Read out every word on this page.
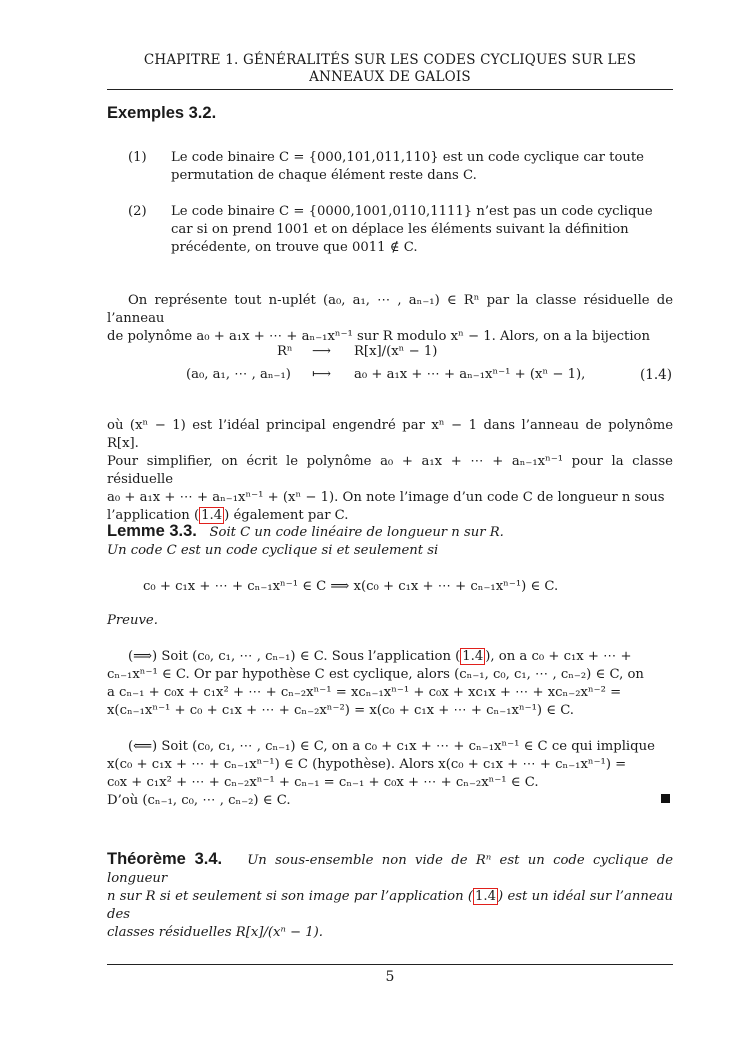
CHAPITRE 1. GÉNÉRALITÉS SUR LES CODES CYCLIQUES SUR LES
ANNEAUX DE GALOIS
Exemples 3.2.
(1) Le code binaire C = {000,101,011,110} est un code cyclique car toute
permutation de chaque élément reste dans C.
(2) Le code binaire C = {0000,1001,0110,1111} n’est pas un code cyclique
car si on prend 1001 et on déplace les éléments suivant la définition
précédente, on trouve que 0011 ∉ C.
On représente tout n-uplét (a₀, a₁, ⋯ , aₙ₋₁) ∈ Rⁿ par la classe résiduelle de l’anneau
de polynôme a₀ + a₁x + ⋯ + aₙ₋₁xⁿ⁻¹ sur R modulo xⁿ − 1. Alors, on a la bijection
Rⁿ ⟶ R[x]/(xⁿ − 1)
(a₀, a₁, ⋯ , aₙ₋₁) ⟼ a₀ + a₁x + ⋯ + aₙ₋₁xⁿ⁻¹ + (xⁿ − 1),	(1.4)
où (xⁿ − 1) est l’idéal principal engendré par xⁿ − 1 dans l’anneau de polynôme R[x].
Pour simplifier, on écrit le polynôme a₀ + a₁x + ⋯ + aₙ₋₁xⁿ⁻¹ pour la classe résiduelle
a₀ + a₁x + ⋯ + aₙ₋₁xⁿ⁻¹ + (xⁿ − 1). On note l’image d’un code C de longueur n sous
l’application ( 1.4 ) également par C.
Lemme 3.3. Soit C un code linéaire de longueur n sur R.
Un code C est un code cyclique si et seulement si
c₀ + c₁x + ⋯ + cₙ₋₁xⁿ⁻¹ ∈ C ⟹ x(c₀ + c₁x + ⋯ + cₙ₋₁xⁿ⁻¹) ∈ C.
Preuve.
(⟹) Soit (c₀, c₁, ⋯ , cₙ₋₁) ∈ C. Sous l’application ( 1.4 ), on a c₀ + c₁x + ⋯ +
cₙ₋₁xⁿ⁻¹ ∈ C. Or par hypothèse C est cyclique, alors (cₙ₋₁, c₀, c₁, ⋯ , cₙ₋₂) ∈ C, on
a cₙ₋₁ + c₀x + c₁x² + ⋯ + cₙ₋₂xⁿ⁻¹ = xcₙ₋₁xⁿ⁻¹ + c₀x + xc₁x + ⋯ + xcₙ₋₂xⁿ⁻² =
x(cₙ₋₁xⁿ⁻¹ + c₀ + c₁x + ⋯ + cₙ₋₂xⁿ⁻²) = x(c₀ + c₁x + ⋯ + cₙ₋₁xⁿ⁻¹) ∈ C.
(⟸) Soit (c₀, c₁, ⋯ , cₙ₋₁) ∈ C, on a c₀ + c₁x + ⋯ + cₙ₋₁xⁿ⁻¹ ∈ C ce qui implique
x(c₀ + c₁x + ⋯ + cₙ₋₁xⁿ⁻¹) ∈ C (hypothèse). Alors x(c₀ + c₁x + ⋯ + cₙ₋₁xⁿ⁻¹) =
c₀x + c₁x² + ⋯ + cₙ₋₂xⁿ⁻¹ + cₙ₋₁ = cₙ₋₁ + c₀x + ⋯ + cₙ₋₂xⁿ⁻¹ ∈ C.
D’où (cₙ₋₁, c₀, ⋯ , cₙ₋₂) ∈ C.
Théorème 3.4. Un sous-ensemble non vide de Rⁿ est un code cyclique de longueur
n sur R si et seulement si son image par l’application ( 1.4 ) est un idéal sur l’anneau des
classes résiduelles R[x]/(xⁿ − 1).
5
